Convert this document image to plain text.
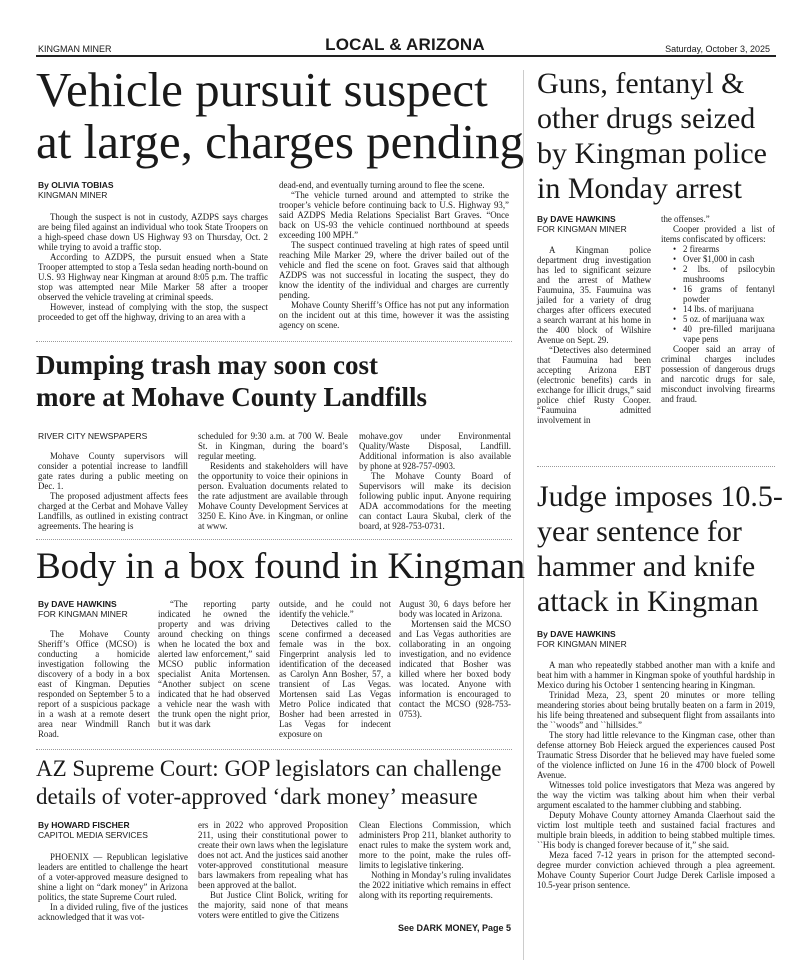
KINGMAN MINER	LOCAL & ARIZONA	Saturday, October 3, 2025
Vehicle pursuit suspect
at large, charges pending
By OLIVIA TOBIAS
KINGMAN MINER

Though the suspect is not in custody, AZDPS says charges are being filed against an individual who took State Troopers on a high-speed chase down US Highway 93 on Thursday, Oct. 2 while trying to avoid a traffic stop.

According to AZDPS, the pursuit ensued when a State Trooper attempted to stop a Tesla sedan heading north-bound on U.S. 93 Highway near Kingman at around 8:05 p.m. The traffic stop was attempted near Mile Marker 58 after a trooper observed the vehicle traveling at criminal speeds.

However, instead of complying with the stop, the suspect proceeded to get off the highway, driving to an area with a

dead-end, and eventually turning around to flee the scene.

“The vehicle turned around and attempted to strike the trooper’s vehicle before continuing back to U.S. Highway 93,” said AZDPS Media Relations Specialist Bart Graves. “Once back on US-93 the vehicle continued northbound at speeds exceeding 100 MPH.”

The suspect continued traveling at high rates of speed until reaching Mile Marker 29, where the driver bailed out of the vehicle and fled the scene on foot. Graves said that although AZDPS was not successful in locating the suspect, they do know the identity of the individual and charges are currently pending.

Mohave County Sheriff’s Office has not put any information on the incident out at this time, however it was the assisting agency on scene.

Dumping trash may soon cost
more at Mohave County Landfills
RIVER CITY NEWSPAPERS

Mohave County supervisors will consider a potential increase to landfill gate rates during a public meeting on Dec. 1.

The proposed adjustment affects fees charged at the Cerbat and Mohave Valley Landfills, as outlined in existing contract agreements. The hearing is

scheduled for 9:30 a.m. at 700 W. Beale St. in Kingman, during the board’s regular meeting.

Residents and stakeholders will have the opportunity to voice their opinions in person. Evaluation documents related to the rate adjustment are available through Mohave County Development Services at 3250 E. Kino Ave. in Kingman, or online at www.

mohave.gov under Environmental Quality/Waste Disposal, Landfill. Additional information is also available by phone at 928-757-0903.

The Mohave County Board of Supervisors will make its decision following public input. Anyone requiring ADA accommodations for the meeting can contact Laura Skubal, clerk of the board, at 928-753-0731.

Body in a box found in Kingman
By DAVE HAWKINS
FOR KINGMAN MINER

The Mohave County Sheriff’s Office (MCSO) is conducting a homicide investigation following the discovery of a body in a box east of Kingman. Deputies responded on September 5 to a report of a suspicious package in a wash at a remote desert area near Windmill Ranch Road.

“The reporting party indicated he owned the property and was driving around checking on things when he located the box and alerted law enforcement,” said MCSO public information specialist Anita Mortensen. “Another subject on scene indicated that he had observed a vehicle near the wash with the trunk open the night prior, but it was dark

outside, and he could not identify the vehicle.”

Detectives called to the scene confirmed a deceased female was in the box. Fingerprint analysis led to identification of the deceased as Carolyn Ann Bosher, 57, a transient of Las Vegas. Mortensen said Las Vegas Metro Police indicated that Bosher had been arrested in Las Vegas for indecent exposure on

August 30, 6 days before her body was located in Arizona.

Mortensen said the MCSO and Las Vegas authorities are collaborating in an ongoing investigation, and no evidence indicated that Bosher was killed where her boxed body was located. Anyone with information is encouraged to contact the MCSO (928-753-0753).

AZ Supreme Court: GOP legislators can challenge
details of voter-approved ‘dark money’ measure
By HOWARD FISCHER
CAPITOL MEDIA SERVICES

PHOENIX — Republican legislative leaders are entitled to challenge the heart of a voter-approved measure designed to shine a light on “dark money” in Arizona politics, the state Supreme Court ruled.

In a divided ruling, five of the justices acknowledged that it was vot-

ers in 2022 who approved Proposition 211, using their constitutional power to create their own laws when the legislature does not act. And the justices said another voter-approved constitutional measure bars lawmakers from repealing what has been approved at the ballot.

But Justice Clint Bolick, writing for the majority, said none of that means voters were entitled to give the Citizens

Clean Elections Commission, which administers Prop 211, blanket authority to enact rules to make the system work and, more to the point, make the rules off-limits to legislative tinkering.

Nothing in Monday’s ruling invalidates the 2022 initiative which remains in effect along with its reporting requirements.

See DARK MONEY, Page 5
Guns, fentanyl &
other drugs seized
by Kingman police
in Monday arrest
By DAVE HAWKINS
FOR KINGMAN MINER

A Kingman police department drug investigation has led to significant seizure and the arrest of Mathew Faumuina, 35. Faumuina was jailed for a variety of drug charges after officers executed a search warrant at his home in the 400 block of Wilshire Avenue on Sept. 29.

“Detectives also determined that Faumuina had been accepting Arizona EBT (electronic benefits) cards in exchange for illicit drugs,” said police chief Rusty Cooper. “Faumuina admitted involvement in

the offenses.”

Cooper provided a list of items confiscated by officers:

• 2 firearms
• Over $1,000 in cash
• 2 lbs. of psilocybin mushrooms
• 16 grams of fentanyl powder
• 14 lbs. of marijuana
• 5 oz. of marijuana wax
• 40 pre-filled marijuana vape pens

Cooper said an array of criminal charges includes possession of dangerous drugs and narcotic drugs for sale, misconduct involving firearms and fraud.

Judge imposes 10.5-
year sentence for
hammer and knife
attack in Kingman
By DAVE HAWKINS
FOR KINGMAN MINER

A man who repeatedly stabbed another man with a knife and beat him with a hammer in Kingman spoke of youthful hardship in Mexico during his October 1 sentencing hearing in Kingman.

Trinidad Meza, 23, spent 20 minutes or more telling meandering stories about being brutally beaten on a farm in 2019, his life being threatened and subsequent flight from assailants into the ``woods” and ``hillsides.”

The story had little relevance to the Kingman case, other than defense attorney Bob Heieck argued the experiences caused Post Traumatic Stress Disorder that he believed may have fueled some of the violence inflicted on June 16 in the 4700 block of Powell Avenue.

Witnesses told police investigators that Meza was angered by the way the victim was talking about him when their verbal argument escalated to the hammer clubbing and stabbing.

Deputy Mohave County attorney Amanda Claerhout said the victim lost multiple teeth and sustained facial fractures and multiple brain bleeds, in addition to being stabbed multiple times. ``His body is changed forever because of it,” she said.

Meza faced 7-12 years in prison for the attempted second-degree murder conviction achieved through a plea agreement. Mohave County Superior Court Judge Derek Carlisle imposed a 10.5-year prison sentence.
